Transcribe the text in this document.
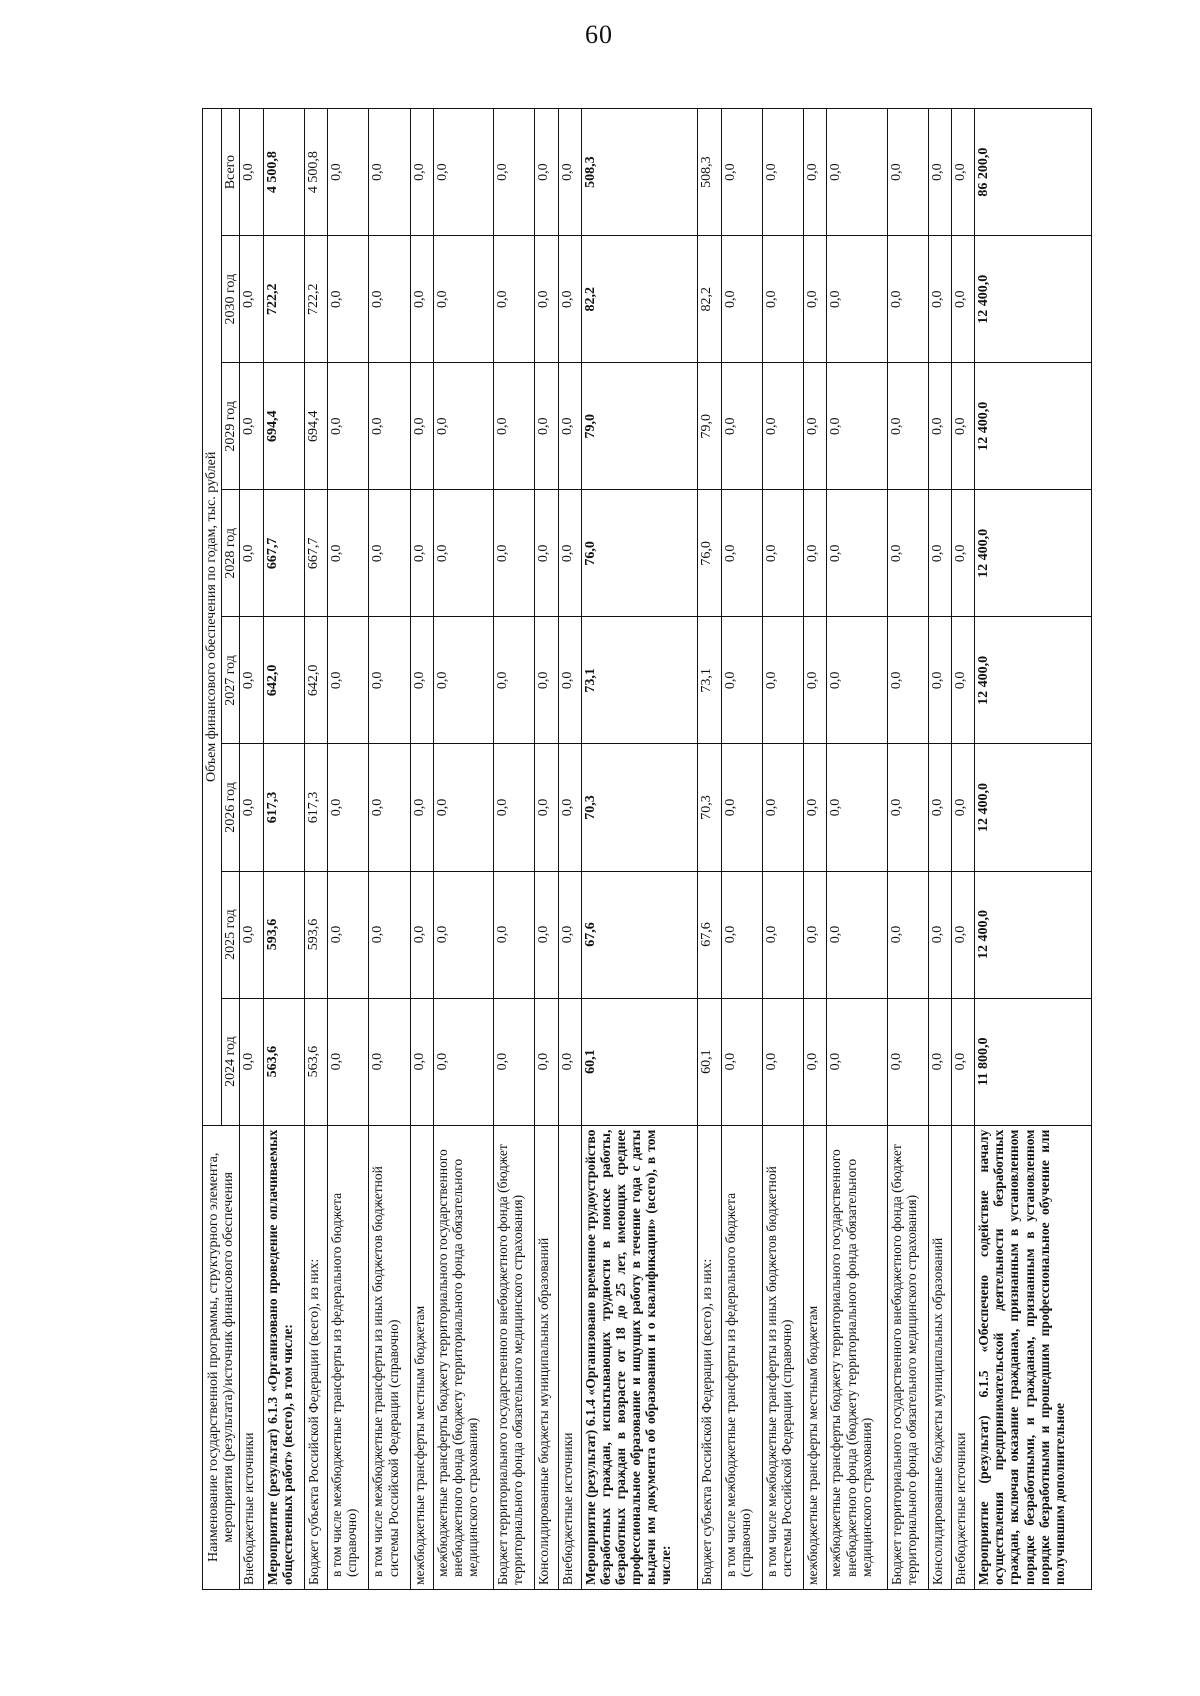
60
Наименование государственной программы, структурного элемента, мероприятия (результата)/источник финансового обеспечения	Объем финансового обеспечения по годам, тыс. рублей							
	2024 год	2025 год	2026 год	2027 год	2028 год	2029 год	2030 год	Всего
Внебюджетные источники	0,0	0,0	0,0	0,0	0,0	0,0	0,0	0,0
Мероприятие (результат) 6.1.3 «Организовано проведение оплачиваемых общественных работ» (всего), в том числе:	563,6	593,6	617,3	642,0	667,7	694,4	722,2	4 500,8
Бюджет субъекта Российской Федерации (всего), из них:	563,6	593,6	617,3	642,0	667,7	694,4	722,2	4 500,8
в том числе межбюджетные трансферты из федерального бюджета (справочно)	0,0	0,0	0,0	0,0	0,0	0,0	0,0	0,0
в том числе межбюджетные трансферты из иных бюджетов бюджетной системы Российской Федерации (справочно)	0,0	0,0	0,0	0,0	0,0	0,0	0,0	0,0
межбюджетные трансферты местным бюджетам	0,0	0,0	0,0	0,0	0,0	0,0	0,0	0,0
межбюджетные трансферты бюджету территориального государственного внебюджетного фонда (бюджету территориального фонда обязательного медицинского страхования)	0,0	0,0	0,0	0,0	0,0	0,0	0,0	0,0
Бюджет территориального государственного внебюджетного фонда (бюджет территориального фонда обязательного медицинского страхования)	0,0	0,0	0,0	0,0	0,0	0,0	0,0	0,0
Консолидированные бюджеты муниципальных образований	0,0	0,0	0,0	0,0	0,0	0,0	0,0	0,0
Внебюджетные источники	0,0	0,0	0,0	0,0	0,0	0,0	0,0	0,0
Мероприятие (результат) 6.1.4 «Организовано временное трудоустройство безработных граждан, испытывающих трудности в поиске работы, безработных граждан в возрасте от 18 до 25 лет, имеющих среднее профессиональное образование и ищущих работу в течение года с даты выдачи им документа об образовании и о квалификации» (всего), в том числе:	60,1	67,6	70,3	73,1	76,0	79,0	82,2	508,3
Бюджет субъекта Российской Федерации (всего), из них:	60,1	67,6	70,3	73,1	76,0	79,0	82,2	508,3
в том числе межбюджетные трансферты из федерального бюджета (справочно)	0,0	0,0	0,0	0,0	0,0	0,0	0,0	0,0
в том числе межбюджетные трансферты из иных бюджетов бюджетной системы Российской Федерации (справочно)	0,0	0,0	0,0	0,0	0,0	0,0	0,0	0,0
межбюджетные трансферты местным бюджетам	0,0	0,0	0,0	0,0	0,0	0,0	0,0	0,0
межбюджетные трансферты бюджету территориального государственного внебюджетного фонда (бюджету территориального фонда обязательного медицинского страхования)	0,0	0,0	0,0	0,0	0,0	0,0	0,0	0,0
Бюджет территориального государственного внебюджетного фонда (бюджет территориального фонда обязательного медицинского страхования)	0,0	0,0	0,0	0,0	0,0	0,0	0,0	0,0
Консолидированные бюджеты муниципальных образований	0,0	0,0	0,0	0,0	0,0	0,0	0,0	0,0
Внебюджетные источники	0,0	0,0	0,0	0,0	0,0	0,0	0,0	0,0
Мероприятие (результат) 6.1.5 «Обеспечено содействие началу осуществления предпринимательской деятельности безработных граждан, включая оказание гражданам, признанным в установленном порядке безработными, и гражданам, признанным в установленном порядке безработными и прошедшим профессиональное обучение или получившим дополнительное	11 800,0	12 400,0	12 400,0	12 400,0	12 400,0	12 400,0	12 400,0	86 200,0
